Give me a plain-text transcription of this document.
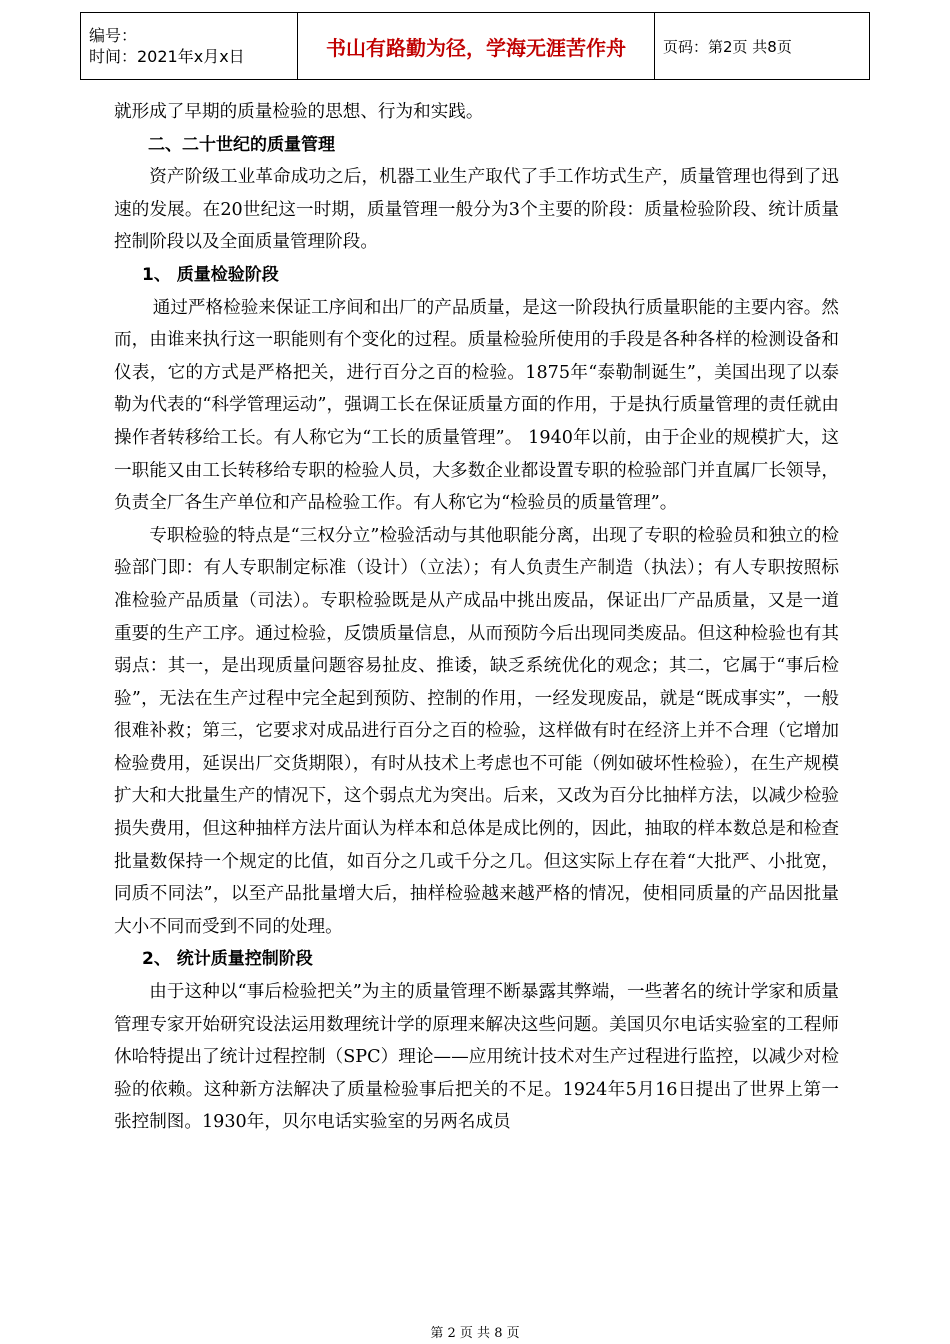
编号：
时间：2021年x月x日	书山有路勤为径，学海无涯苦作舟	页码：第2页 共8页

就形成了早期的质量检验的思想、行为和实践。

二、二十世纪的质量管理

资产阶级工业革命成功之后，机器工业生产取代了手工作坊式生产，质量管理也得到了迅速的发展。在20世纪这一时期，质量管理一般分为3个主要的阶段：质量检验阶段、统计质量控制阶段以及全面质量管理阶段。

1、 质量检验阶段

通过严格检验来保证工序间和出厂的产品质量，是这一阶段执行质量职能的主要内容。然而，由谁来执行这一职能则有个变化的过程。质量检验所使用的手段是各种各样的检测设备和仪表，它的方式是严格把关，进行百分之百的检验。1875年“泰勒制诞生”，美国出现了以泰勒为代表的“科学管理运动”，强调工长在保证质量方面的作用，于是执行质量管理的责任就由操作者转移给工长。有人称它为“工长的质量管理”。 1940年以前，由于企业的规模扩大，这一职能又由工长转移给专职的检验人员，大多数企业都设置专职的检验部门并直属厂长领导，负责全厂各生产单位和产品检验工作。有人称它为“检验员的质量管理”。

专职检验的特点是“三权分立”检验活动与其他职能分离，出现了专职的检验员和独立的检验部门即：有人专职制定标准（设计）（立法）；有人负责生产制造（执法）；有人专职按照标准检验产品质量（司法）。专职检验既是从产成品中挑出废品，保证出厂产品质量，又是一道重要的生产工序。通过检验，反馈质量信息，从而预防今后出现同类废品。但这种检验也有其弱点：其一，是出现质量问题容易扯皮、推诿，缺乏系统优化的观念；其二，它属于“事后检验”，无法在生产过程中完全起到预防、控制的作用，一经发现废品，就是“既成事实”，一般很难补救；第三，它要求对成品进行百分之百的检验，这样做有时在经济上并不合理（它增加检验费用，延误出厂交货期限），有时从技术上考虑也不可能（例如破坏性检验），在生产规模扩大和大批量生产的情况下，这个弱点尤为突出。后来，又改为百分比抽样方法，以减少检验损失费用，但这种抽样方法片面认为样本和总体是成比例的，因此，抽取的样本数总是和检查批量数保持一个规定的比值，如百分之几或千分之几。但这实际上存在着“大批严、小批宽，同质不同法”，以至产品批量增大后，抽样检验越来越严格的情况，使相同质量的产品因批量大小不同而受到不同的处理。

2、 统计质量控制阶段

由于这种以“事后检验把关”为主的质量管理不断暴露其弊端，一些著名的统计学家和质量管理专家开始研究设法运用数理统计学的原理来解决这些问题。美国贝尔电话实验室的工程师休哈特提出了统计过程控制（SPC）理论——应用统计技术对生产过程进行监控，以减少对检验的依赖。这种新方法解决了质量检验事后把关的不足。1924年5月16日提出了世界上第一张控制图。1930年，贝尔电话实验室的另两名成员

第 2 页 共 8 页
